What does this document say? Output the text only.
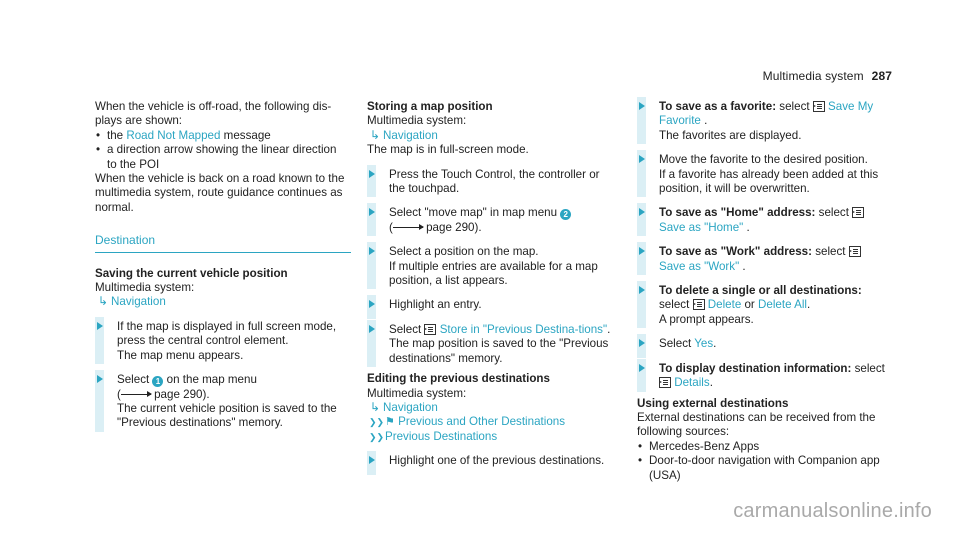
Multimedia system 287

When the vehicle is off-road, the following dis-plays are shown:

• the Road Not Mapped message
• a direction arrow showing the linear direction
to the POI

When the vehicle is back on a road known to the multimedia system, route guidance continues as normal.

Destination

Saving the current vehicle position

Multimedia system:

↳ Navigation

If the map is displayed in full screen mode, press the central control element.

The map menu appears.

Select 1 on the map menu

(	page 290).

The current vehicle position is saved to the "Previous destinations" memory.

Storing a map position

Multimedia system:

↳ Navigation

The map is in full-screen mode.

Press the Touch Control, the controller or the touchpad.

Select "move map" in map menu 2

(	page 290).

Select a position on the map.

If multiple entries are available for a map position, a list appears.

Highlight an entry.

Select  Store in "Previous Destina-tions".

The map position is saved to the "Previous destinations" memory.

Editing the previous destinations

Multimedia system:

↳ Navigation
❯❯ ⚑ Previous and Other Destinations
❯❯ Previous Destinations

Highlight one of the previous destinations.

To save as a favorite: select  Save My Favorite .

The favorites are displayed.

Move the favorite to the desired position.

If a favorite has already been added at this position, it will be overwritten.

To save as "Home" address: select

Save as "Home" .

To save as "Work" address: select

Save as "Work" .

To delete a single or all destinations:

select  Delete or Delete All.

A prompt appears.

Select Yes.

To display destination information: select

Details.

Using external destinations

External destinations can be received from the following sources:

• Mercedes-Benz Apps
• Door-to-door navigation with Companion app
(USA)
carmanualsonline.info
